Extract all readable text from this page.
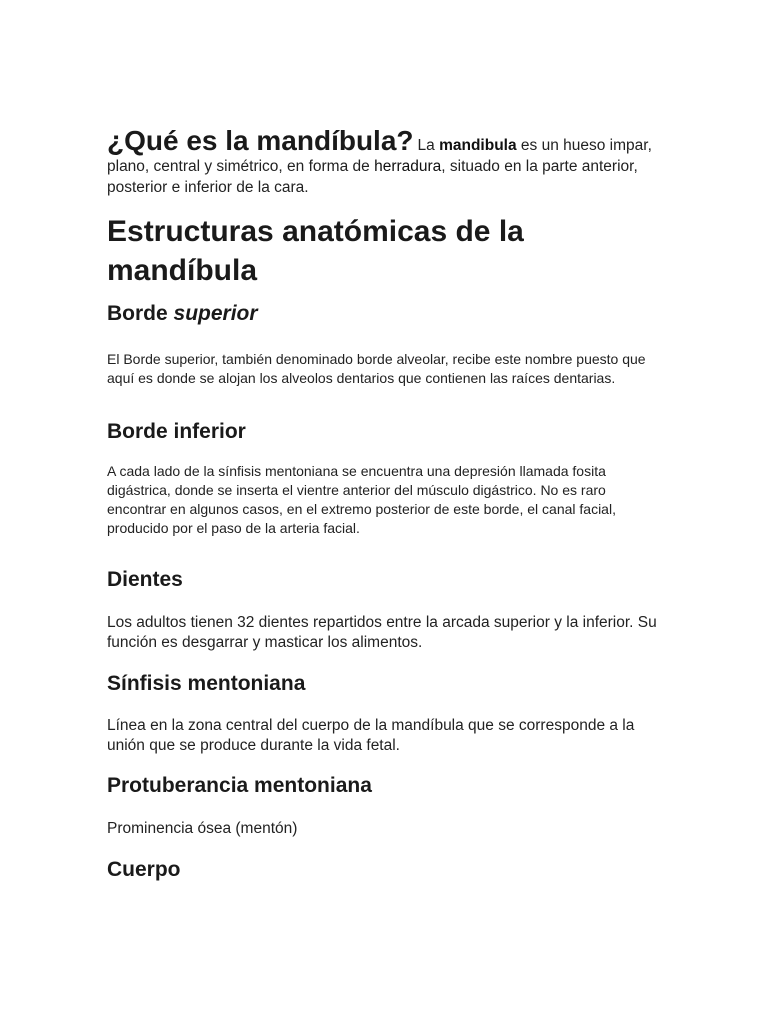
¿Qué es la mandíbula? La mandibula es un hueso impar, plano, central y simétrico, en forma de herradura, situado en la parte anterior, posterior e inferior de la cara.
Estructuras anatómicas de la mandíbula
Borde superior

El Borde superior, también denominado borde alveolar, recibe este nombre puesto que aquí es donde se alojan los alveolos dentarios que contienen las raíces dentarias.

Borde inferior

A cada lado de la sínfisis mentoniana se encuentra una depresión llamada fosita digástrica, donde se inserta el vientre anterior del músculo digástrico. No es raro encontrar en algunos casos, en el extremo posterior de este borde, el canal facial, producido por el paso de la arteria facial.

Dientes

Los adultos tienen 32 dientes repartidos entre la arcada superior y la inferior. Su función es desgarrar y masticar los alimentos.

Sínfisis mentoniana

Línea en la zona central del cuerpo de la mandíbula que se corresponde a la unión que se produce durante la vida fetal.

Protuberancia mentoniana

Prominencia ósea (mentón)

Cuerpo
